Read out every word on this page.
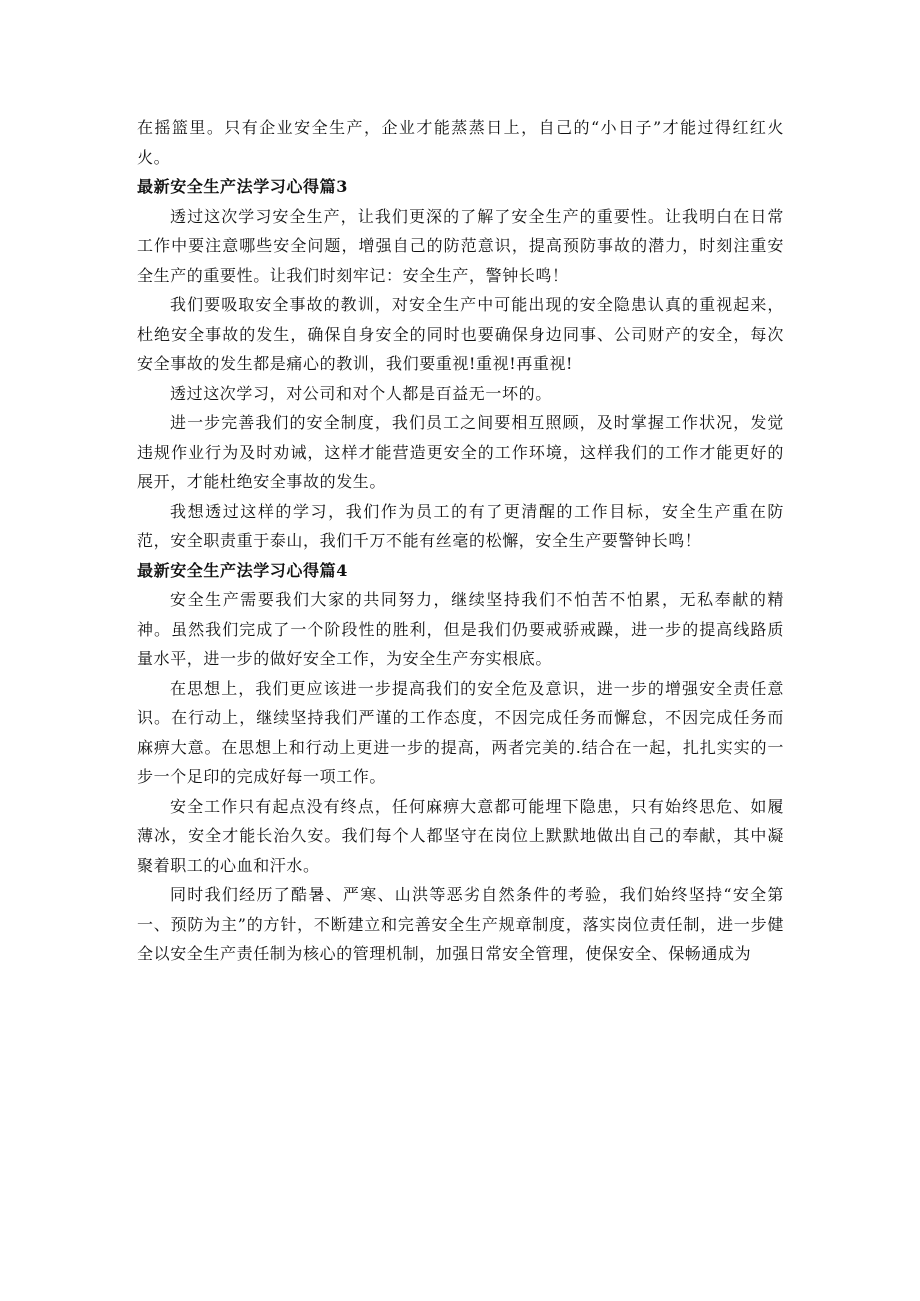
在摇篮里。只有企业安全生产，企业才能蒸蒸日上，自己的“小日子”才能过得红红火火。

最新安全生产法学习心得篇3

透过这次学习安全生产，让我们更深的了解了安全生产的重要性。让我明白在日常工作中要注意哪些安全问题，增强自己的防范意识，提高预防事故的潜力，时刻注重安全生产的重要性。让我们时刻牢记：安全生产，警钟长鸣！

我们要吸取安全事故的教训，对安全生产中可能出现的安全隐患认真的重视起来，杜绝安全事故的发生，确保自身安全的同时也要确保身边同事、公司财产的安全，每次安全事故的发生都是痛心的教训，我们要重视!重视!再重视!

透过这次学习，对公司和对个人都是百益无一坏的。

进一步完善我们的安全制度，我们员工之间要相互照顾，及时掌握工作状况，发觉违规作业行为及时劝诫，这样才能营造更安全的工作环境，这样我们的工作才能更好的展开，才能杜绝安全事故的发生。

我想透过这样的学习，我们作为员工的有了更清醒的工作目标，安全生产重在防范，安全职责重于泰山，我们千万不能有丝毫的松懈，安全生产要警钟长鸣！

最新安全生产法学习心得篇4

安全生产需要我们大家的共同努力，继续坚持我们不怕苦不怕累，无私奉献的精神。虽然我们完成了一个阶段性的胜利，但是我们仍要戒骄戒躁，进一步的提高线路质量水平，进一步的做好安全工作，为安全生产夯实根底。

在思想上，我们更应该进一步提高我们的安全危及意识，进一步的增强安全责任意识。在行动上，继续坚持我们严谨的工作态度，不因完成任务而懈怠，不因完成任务而麻痹大意。在思想上和行动上更进一步的提高，两者完美的.结合在一起，扎扎实实的一步一个足印的完成好每一项工作。

安全工作只有起点没有终点，任何麻痹大意都可能埋下隐患，只有始终思危、如履薄冰，安全才能长治久安。我们每个人都坚守在岗位上默默地做出自己的奉献，其中凝聚着职工的心血和汗水。

同时我们经历了酷暑、严寒、山洪等恶劣自然条件的考验，我们始终坚持“安全第一、预防为主”的方针，不断建立和完善安全生产规章制度，落实岗位责任制，进一步健全以安全生产责任制为核心的管理机制，加强日常安全管理，使保安全、保畅通成为
